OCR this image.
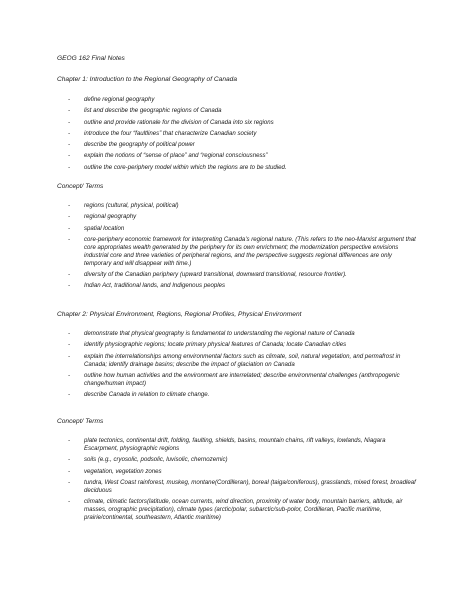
GEOG 162 Final Notes
Chapter 1: Introduction to the Regional Geography of Canada
- define regional geography
- list and describe the geographic regions of Canada
- outline and provide rationale for the division of Canada into six regions
- introduce the four “faultlines” that characterize Canadian society
- describe the geography of political power
- explain the notions of “sense of place” and “regional consciousness”
- outline the core-periphery model within which the regions are to be studied.
Concept/ Terms
- regions (cultural, physical, political)
- regional geography
- spatial location
- core-periphery economic framework for interpreting Canada’s regional nature. (This refers to the neo-Marxist argument that core appropriates wealth generated by the periphery for its own enrichment; the modernization perspective envisions industrial core and three varieties of peripheral regions, and the perspective suggests regional differences are only temporary and will disappear with time.)
- diversity of the Canadian periphery (upward transitional, downward transitional, resource frontier).
- Indian Act, traditional lands, and Indigenous peoples
Chapter 2: Physical Environment, Regions, Regional Profiles, Physical Environment
- demonstrate that physical geography is fundamental to understanding the regional nature of Canada
- identify physiographic regions; locate primary physical features of Canada; locate Canadian cities
- explain the interrelationships among environmental factors such as climate, soil, natural vegetation, and permafrost in Canada; identify drainage basins; describe the impact of glaciation on Canada
- outline how human activities and the environment are interrelated; describe environmental challenges (anthropogenic change/human impact)
- describe Canada in relation to climate change.
Concept/ Terms
- plate tectonics, continental drift, folding, faulting, shields, basins, mountain chains, rift valleys, lowlands, Niagara Escarpment, physiographic regions
- soils (e.g., cryosolic, podsolic, luvisolic, chernozemic)
- vegetation, vegetation zones
- tundra, West Coast rainforest, muskeg, montane(Cordilleran), boreal (taiga/coniferous), grasslands, mixed forest, broadleaf deciduous
- climate, climatic factors(latitude, ocean currents, wind direction, proximity of water body, mountain barriers, altitude, air masses, orographic precipitation), climate types (arctic/polar, subarctic/sub-polor, Cordilleran, Pacific maritime, prairie/continental, southeastern, Atlantic maritime)
